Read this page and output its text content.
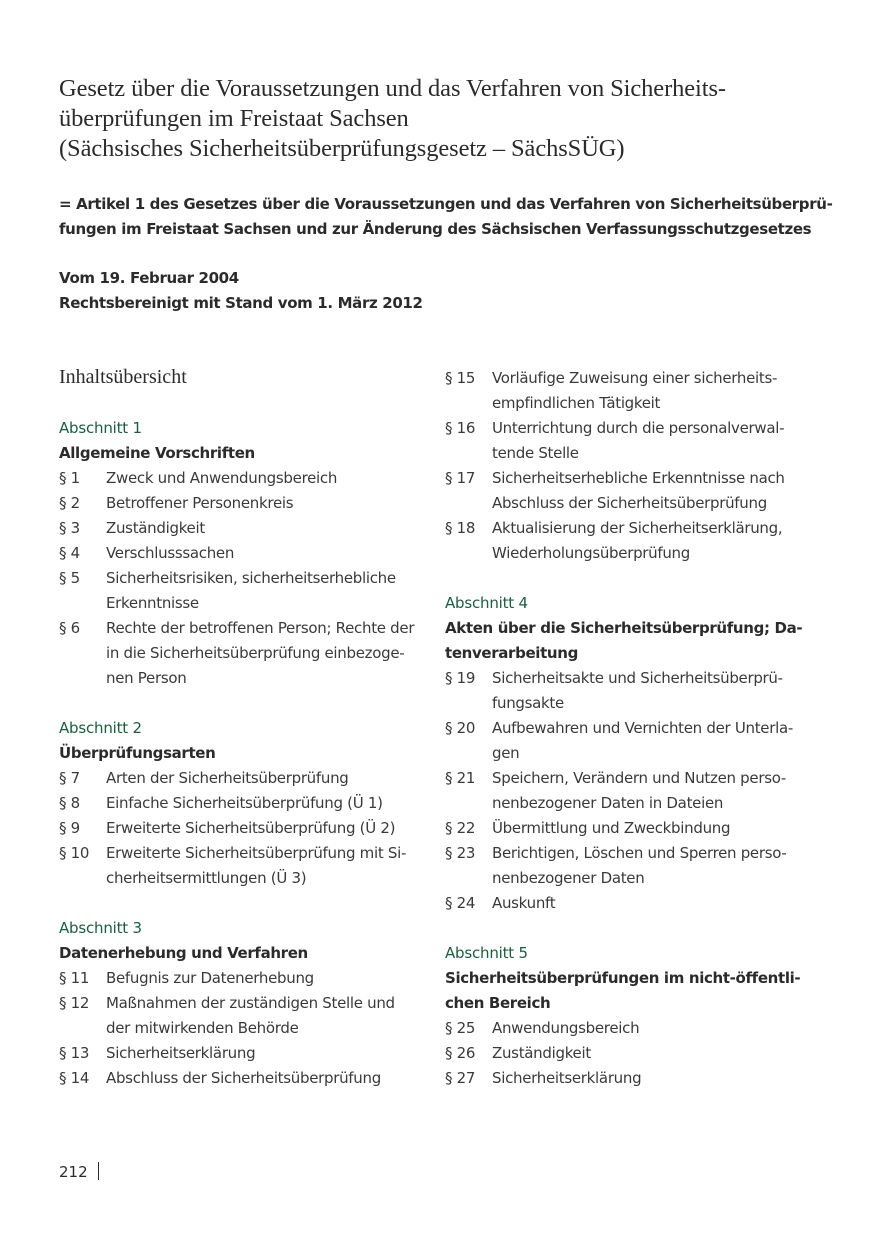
Gesetz über die Voraussetzungen und das Verfahren von Sicherheits-
überprüfungen im Freistaat Sachsen
(Sächsisches Sicherheitsüberprüfungsgesetz – SächsSÜG)
= Artikel 1 des Gesetzes über die Voraussetzungen und das Verfahren von Sicherheitsüberprü-
fungen im Freistaat Sachsen und zur Änderung des Sächsischen Verfassungsschutzgesetzes
Vom 19. Februar 2004
Rechtsbereinigt mit Stand vom 1. März 2012
Inhaltsübersicht
Abschnitt 1
Allgemeine Vorschriften
§ 1	Zweck und Anwendungsbereich
§ 2	Betroffener Personenkreis
§ 3	Zuständigkeit
§ 4	Verschlusssachen
§ 5	Sicherheitsrisiken, sicherheitserhebliche
Erkenntnisse
§ 6	Rechte der betroffenen Person; Rechte der
in die Sicherheitsüberprüfung einbezoge-
nen Person
Abschnitt 2
Überprüfungsarten
§ 7	Arten der Sicherheitsüberprüfung
§ 8	Einfache Sicherheitsüberprüfung (Ü 1)
§ 9	Erweiterte Sicherheitsüberprüfung (Ü 2)
§ 10	Erweiterte Sicherheitsüberprüfung mit Si-
cherheitsermittlungen (Ü 3)
Abschnitt 3
Datenerhebung und Verfahren
§ 11	Befugnis zur Datenerhebung
§ 12	Maßnahmen der zuständigen Stelle und
der mitwirkenden Behörde
§ 13	Sicherheitserklärung
§ 14	Abschluss der Sicherheitsüberprüfung
§ 15	Vorläufige Zuweisung einer sicherheits-
empfindlichen Tätigkeit
§ 16	Unterrichtung durch die personalverwal-
tende Stelle
§ 17	Sicherheitserhebliche Erkenntnisse nach
Abschluss der Sicherheitsüberprüfung
§ 18	Aktualisierung der Sicherheitserklärung,
Wiederholungsüberprüfung
Abschnitt 4
Akten über die Sicherheitsüberprüfung; Da-
tenverarbeitung
§ 19	Sicherheitsakte und Sicherheitsüberprü-
fungsakte
§ 20	Aufbewahren und Vernichten der Unterla-
gen
§ 21	Speichern, Verändern und Nutzen perso-
nenbezogener Daten in Dateien
§ 22	Übermittlung und Zweckbindung
§ 23	Berichtigen, Löschen und Sperren perso-
nenbezogener Daten
§ 24	Auskunft
Abschnitt 5
Sicherheitsüberprüfungen im nicht-öffentli-
chen Bereich
§ 25	Anwendungsbereich
§ 26	Zuständigkeit
§ 27	Sicherheitserklärung
212
